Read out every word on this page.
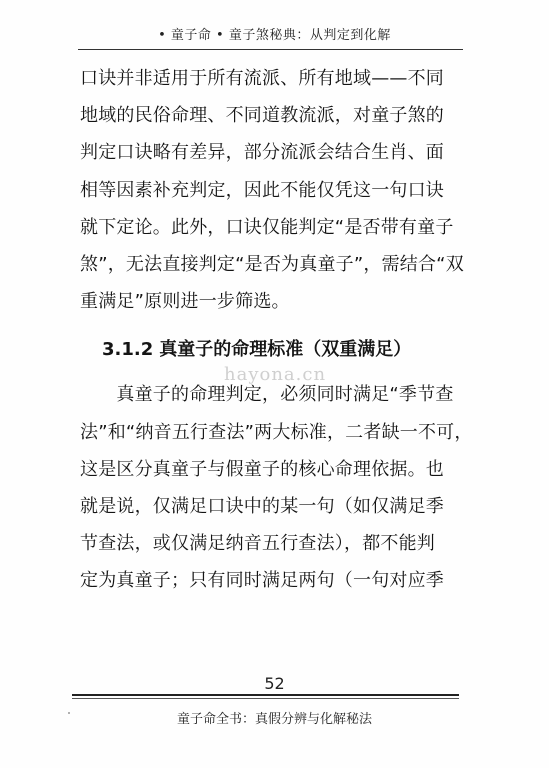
• 童子命 • 童子煞秘典：从判定到化解

口诀并非适用于所有流派、所有地域——不同

地域的民俗命理、不同道教流派，对童子煞的

判定口诀略有差异，部分流派会结合生肖、面

相等因素补充判定，因此不能仅凭这一句口诀

就下定论。此外，口诀仅能判定“是否带有童子

煞”，无法直接判定“是否为真童子”，需结合“双

重满足”原则进一步筛选。

3.1.2 真童子的命理标准（双重满足）

　　真童子的命理判定，必须同时满足“季节查

法”和“纳音五行查法”两大标准，二者缺一不可，

这是区分真童子与假童子的核心命理依据。也

就是说，仅满足口诀中的某一句（如仅满足季

节查法，或仅满足纳音五行查法），都不能判

定为真童子；只有同时满足两句（一句对应季

hayona.cn
52
童子命全书：真假分辨与化解秘法
